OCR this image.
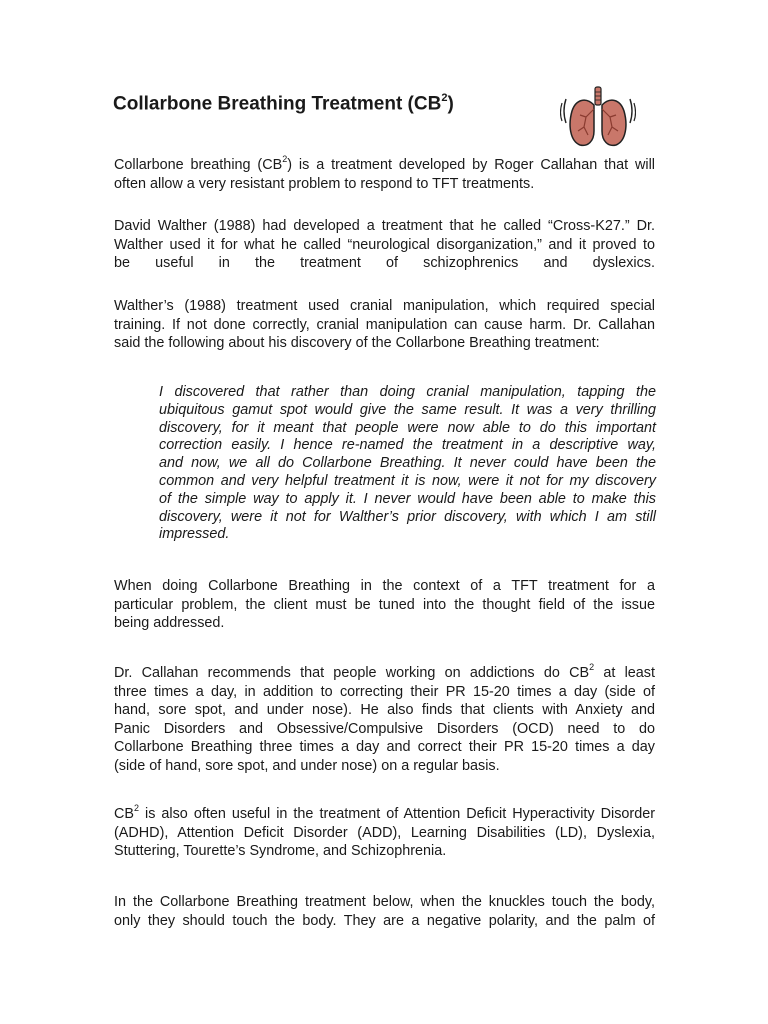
Collarbone Breathing Treatment $(CB^2)$

Collarbone breathing $(CB^2)$ is a treatment developed by Roger Callahan that will
often allow a very resistant problem to respond to TFT treatments.

David Walther (1988) had developed a treatment that he called “Cross-K27.” Dr.
Walther used it for what he called “neurological disorganization,” and it proved to
be useful in the treatment of schizophrenics and dyslexics.

Walther’s (1988) treatment used cranial manipulation, which required special
training. If not done correctly, cranial manipulation can cause harm. Dr. Callahan
said the following about his discovery of the Collarbone Breathing treatment:

I discovered that rather than doing cranial manipulation, tapping the
ubiquitous gamut spot would give the same result. It was a very thrilling
discovery, for it meant that people were now able to do this important
correction easily. I hence re-named the treatment in a descriptive way,
and now, we all do Collarbone Breathing. It never could have been the
common and very helpful treatment it is now, were it not for my discovery
of the simple way to apply it. I never would have been able to make this
discovery, were it not for Walther’s prior discovery, with which I am still
impressed.

When doing Collarbone Breathing in the context of a TFT treatment for a
particular problem, the client must be tuned into the thought field of the issue
being addressed.

Dr. Callahan recommends that people working on addictions do $CB^2$ at least
three times a day, in addition to correcting their PR 15-20 times a day (side of
hand, sore spot, and under nose). He also finds that clients with Anxiety and
Panic Disorders and Obsessive/Compulsive Disorders (OCD) need to do
Collarbone Breathing three times a day and correct their PR 15-20 times a day
(side of hand, sore spot, and under nose) on a regular basis.

$CB^2$ is also often useful in the treatment of Attention Deficit Hyperactivity Disorder
(ADHD), Attention Deficit Disorder (ADD), Learning Disabilities (LD), Dyslexia,
Stuttering, Tourette’s Syndrome, and Schizophrenia.

In the Collarbone Breathing treatment below, when the knuckles touch the body,
only they should touch the body. They are a negative polarity, and the palm of
